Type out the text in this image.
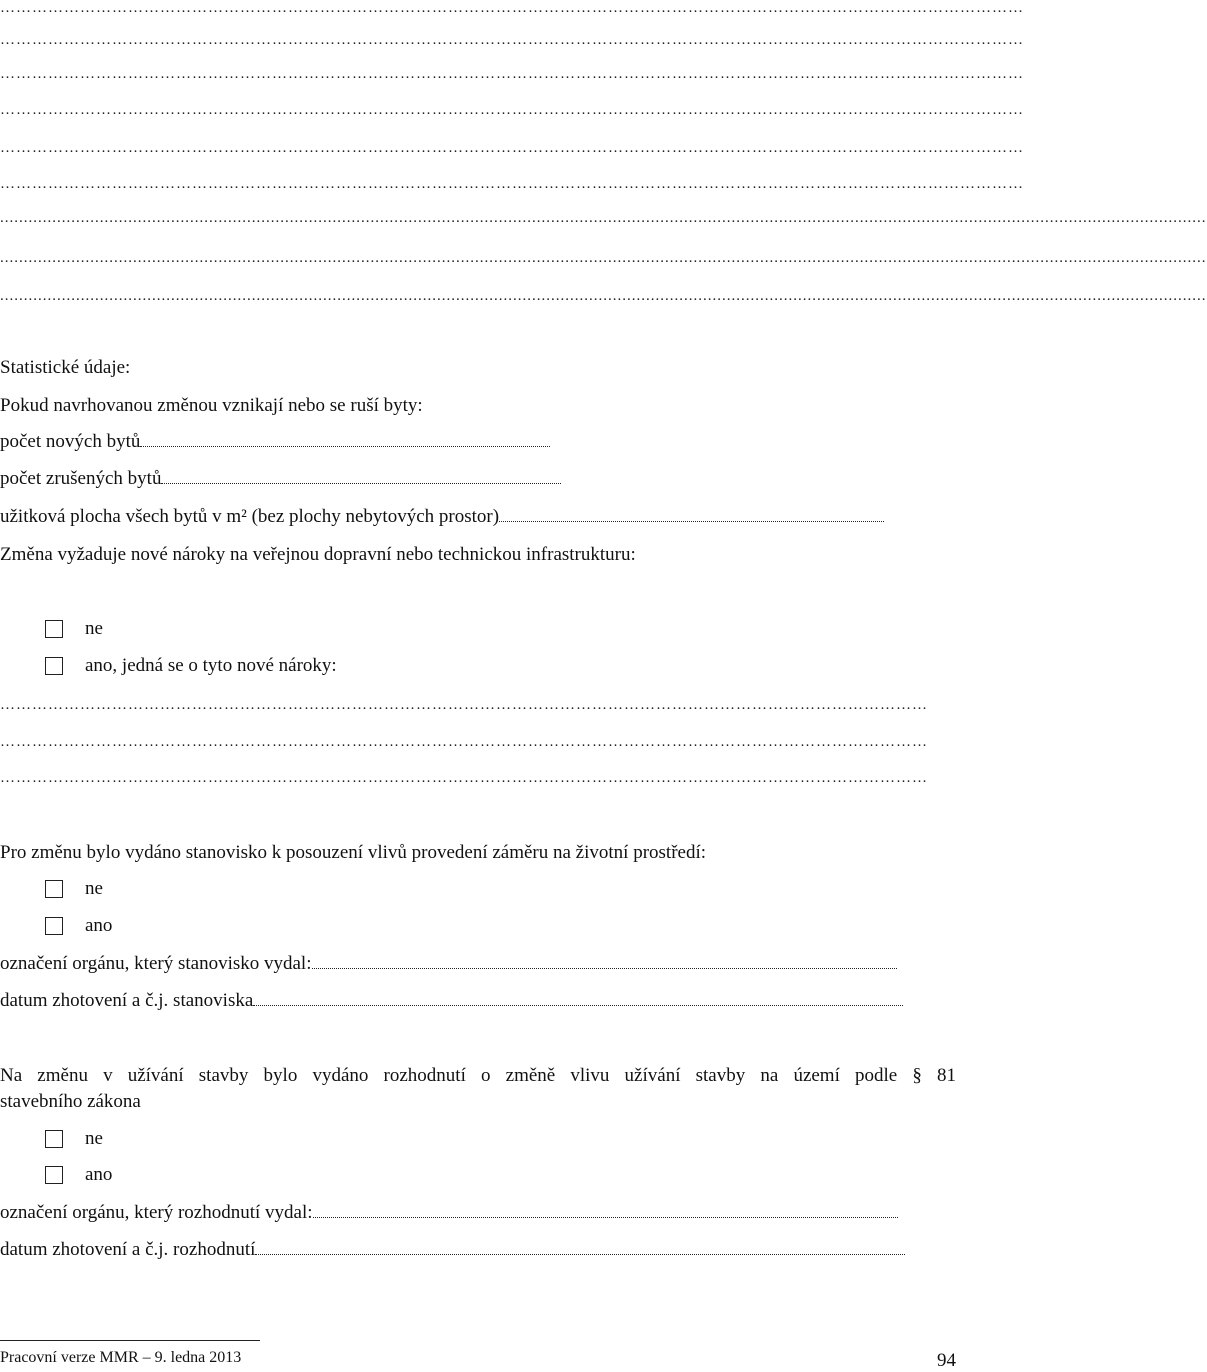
…………………………………………………………………………………………………………………………………………………………………………
…………………………………………………………………………………………………………………………………………………………………………
…………………………………………………………………………………………………………………………………………………………………………
…………………………………………………………………………………………………………………………………………………………………………
…………………………………………………………………………………………………………………………………………………………………………
…………………………………………………………………………………………………………………………………………………………………………
..............................................................................................................................................................................................................................................................
..............................................................................................................................................................................................................................................................
..............................................................................................................................................................................................................................................................
Statistické údaje:
Pokud navrhovanou změnou vznikají nebo se ruší byty:
počet nových bytů
počet zrušených bytů
užitková plocha všech bytů v m² (bez plochy nebytových prostor)
Změna vyžaduje nové nároky na veřejnou dopravní nebo technickou infrastrukturu:
ne
ano, jedná se o tyto nové nároky:
…………………………………………………………………………………………………………………………………………………………
…………………………………………………………………………………………………………………………………………………………
…………………………………………………………………………………………………………………………………………………………
Pro změnu bylo vydáno stanovisko k posouzení vlivů provedení záměru na životní prostředí:
ne
ano
označení orgánu, který stanovisko vydal:
datum zhotovení a č.j. stanoviska
Na změnu v užívání stavby bylo vydáno rozhodnutí o změně vlivu užívání stavby na území podle § 81
stavebního zákona
ne
ano
označení orgánu, který rozhodnutí vydal:
datum zhotovení a č.j. rozhodnutí
Pracovní verze MMR – 9. ledna 2013	94
